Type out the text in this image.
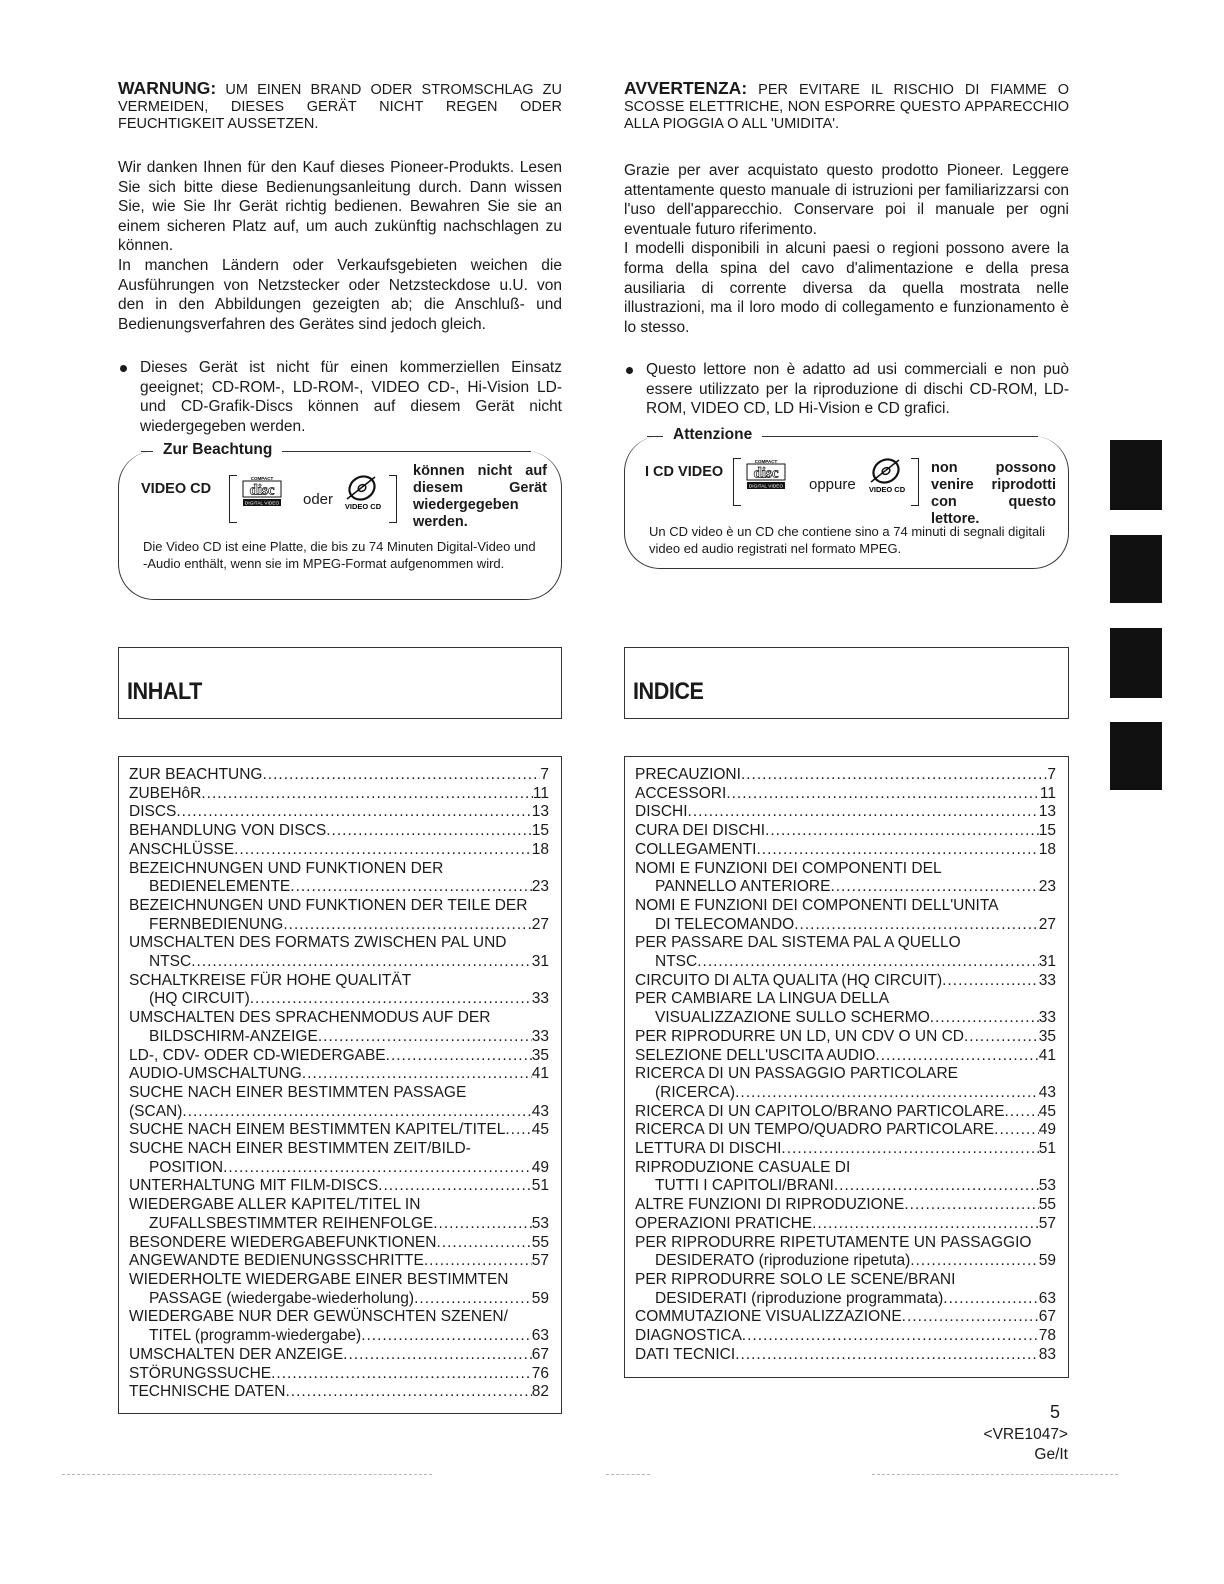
WARNUNG: UM EINEN BRAND ODER STROMSCHLAG ZU VERMEIDEN, DIESES GERÄT NICHT REGEN ODER FEUCHTIGKEIT AUSSETZEN.

Wir danken Ihnen für den Kauf dieses Pioneer-Produkts. Lesen Sie sich bitte diese Bedienungsanleitung durch. Dann wissen Sie, wie Sie Ihr Gerät richtig bedienen. Bewahren Sie sie an einem sicheren Platz auf, um auch zukünftig nachschlagen zu können.

In manchen Ländern oder Verkaufsgebieten weichen die Ausführungen von Netzstecker oder Netzsteckdose u.U. von den in den Abbildungen gezeigten ab; die Anschluß- und Bedienungsverfahren des Gerätes sind jedoch gleich.

Dieses Gerät ist nicht für einen kommerziellen Einsatz geeignet; CD-ROM-, LD-ROM-, VIDEO CD-, Hi-Vision LD- und CD-Grafik-Discs können auf diesem Gerät nicht wiedergegeben werden.
Zur Beachtung
VIDEO CD
COMPACT
disc
DIGITAL VIDEO oder VIDEO CD
können nicht auf diesem Gerät wiedergegeben werden.
Die Video CD ist eine Platte, die bis zu 74 Minuten Digital-Video und -Audio enthält, wenn sie im MPEG-Format aufgenommen wird.
INHALT
ZUR BEACHTUNG .....	7
ZUBEHôR .....	11
DISCS .....	13
BEHANDLUNG VON DISCS .....	15
ANSCHLÜSSE .....	18
BEZEICHNUNGEN UND FUNKTIONEN DER
BEDIENELEMENTE .....	23
BEZEICHNUNGEN UND FUNKTIONEN DER TEILE DER
FERNBEDIENUNG .....	27
UMSCHALTEN DES FORMATS ZWISCHEN PAL UND
NTSC .....	31
SCHALTKREISE FÜR HOHE QUALITÄT
(HQ CIRCUIT) .....	33
UMSCHALTEN DES SPRACHENMODUS AUF DER
BILDSCHIRM-ANZEIGE .....	33
LD-, CDV- ODER CD-WIEDERGABE .....	35
AUDIO-UMSCHALTUNG .....	41
SUCHE NACH EINER BESTIMMTEN PASSAGE
(SCAN) .....	43
SUCHE NACH EINEM BESTIMMTEN KAPITEL/TITEL ..... 45
SUCHE NACH EINER BESTIMMTEN ZEIT/BILD-
POSITION .....	49
UNTERHALTUNG MIT FILM-DISCS .....	51
WIEDERGABE ALLER KAPITEL/TITEL IN
ZUFALLSBESTIMMTER REIHENFOLGE .....	53
BESONDERE WIEDERGABEFUNKTIONEN .....	55
ANGEWANDTE BEDIENUNGSSCHRITTE .....	57
WIEDERHOLTE WIEDERGABE EINER BESTIMMTEN
PASSAGE (wiedergabe-wiederholung) .....	59
WIEDERGABE NUR DER GEWÜNSCHTEN SZENEN/
TITEL (programm-wiedergabe) .....	63
UMSCHALTEN DER ANZEIGE .....	67
STÖRUNGSSUCHE .....	76
TECHNISCHE DATEN .....	82
AVVERTENZA: PER EVITARE IL RISCHIO DI FIAMME O SCOSSE ELETTRICHE, NON ESPORRE QUESTO APPARECCHIO ALLA PIOGGIA O ALL 'UMIDITA'.

Grazie per aver acquistato questo prodotto Pioneer. Leggere attentamente questo manuale di istruzioni per familiarizzarsi con l'uso dell'apparecchio. Conservare poi il manuale per ogni eventuale futuro riferimento.

I modelli disponibili in alcuni paesi o regioni possono avere la forma della spina del cavo d'alimentazione e della presa ausiliaria di corrente diversa da quella mostrata nelle illustrazioni, ma il loro modo di collegamento e funzionamento è lo stesso.

Questo lettore non è adatto ad usi commerciali e non può essere utilizzato per la riproduzione di dischi CD-ROM, LD-ROM, VIDEO CD, LD Hi-Vision e CD grafici.
Attenzione
I CD VIDEO
COMPACT
disc
DIGITAL VIDEO oppure VIDEO CD
non possono venire riprodotti con questo lettore.
Un CD video è un CD che contiene sino a 74 minuti di segnali digitali video ed audio registrati nel formato MPEG.
INDICE
PRECAUZIONI .....	7
ACCESSORI .....	11
DISCHI .....	13
CURA DEI DISCHI .....	15
COLLEGAMENTI .....	18
NOMI E FUNZIONI DEI COMPONENTI DEL
PANNELLO ANTERIORE .....	23
NOMI E FUNZIONI DEI COMPONENTI DELL'UNITA
DI TELECOMANDO .....	27
PER PASSARE DAL SISTEMA PAL A QUELLO
NTSC .....	31
CIRCUITO DI ALTA QUALITA (HQ CIRCUIT) .....	33
PER CAMBIARE LA LINGUA DELLA
VISUALIZZAZIONE SULLO SCHERMO .....	33
PER RIPRODURRE UN LD, UN CDV O UN CD .....	35
SELEZIONE DELL'USCITA AUDIO .....	41
RICERCA DI UN PASSAGGIO PARTICOLARE
(RICERCA) .....	43
RICERCA DI UN CAPITOLO/BRANO PARTICOLARE ..... 45
RICERCA DI UN TEMPO/QUADRO PARTICOLARE .....	49
LETTURA DI DISCHI .....	51
RIPRODUZIONE CASUALE DI
TUTTI I CAPITOLI/BRANI .....	53
ALTRE FUNZIONI DI RIPRODUZIONE .....	55
OPERAZIONI PRATICHE .....	57
PER RIPRODURRE RIPETUTAMENTE UN PASSAGGIO
DESIDERATO (riproduzione ripetuta) .....	59
PER RIPRODURRE SOLO LE SCENE/BRANI
DESIDERATI (riproduzione programmata) .....	63
COMMUTAZIONE VISUALIZZAZIONE .....	67
DIAGNOSTICA .....	78
DATI TECNICI .....	83
5
<VRE1047>
Ge/It
